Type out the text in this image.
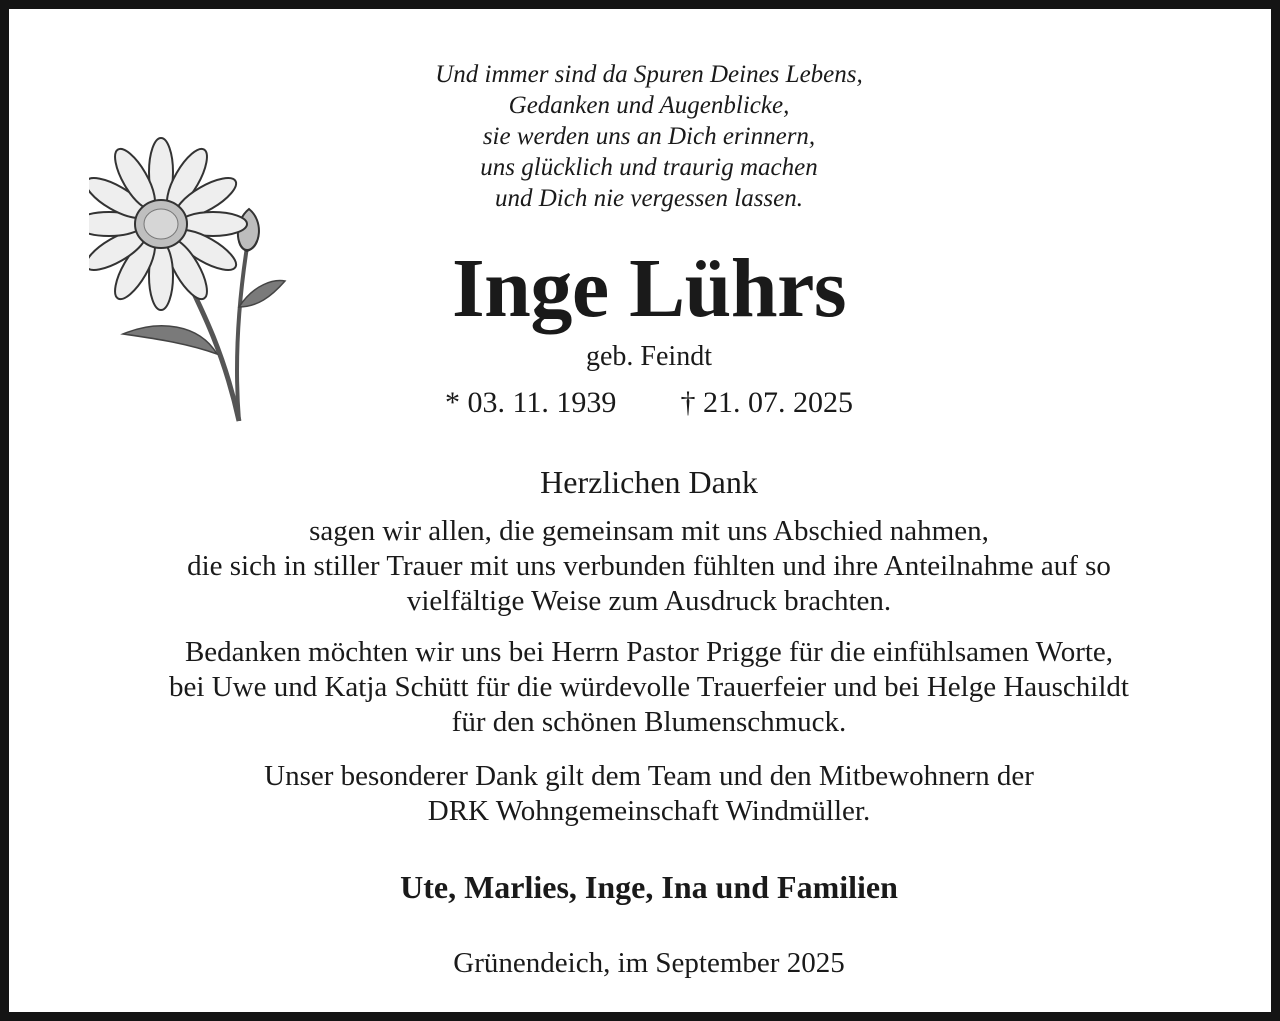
Und immer sind da Spuren Deines Lebens,
Gedanken und Augenblicke,
sie werden uns an Dich erinnern,
uns glücklich und traurig machen
und Dich nie vergessen lassen.
Inge Lührs
geb. Feindt
* 03. 11. 1939 † 21. 07. 2025
Herzlichen Dank
sagen wir allen, die gemeinsam mit uns Abschied nahmen,
die sich in stiller Trauer mit uns verbunden fühlten und ihre Anteilnahme auf so
vielfältige Weise zum Ausdruck brachten.
Bedanken möchten wir uns bei Herrn Pastor Prigge für die einfühlsamen Worte,
bei Uwe und Katja Schütt für die würdevolle Trauerfeier und bei Helge Hauschildt
für den schönen Blumenschmuck.
Unser besonderer Dank gilt dem Team und den Mitbewohnern der
DRK Wohngemeinschaft Windmüller.
Ute, Marlies, Inge, Ina und Familien
Grünendeich, im September 2025
